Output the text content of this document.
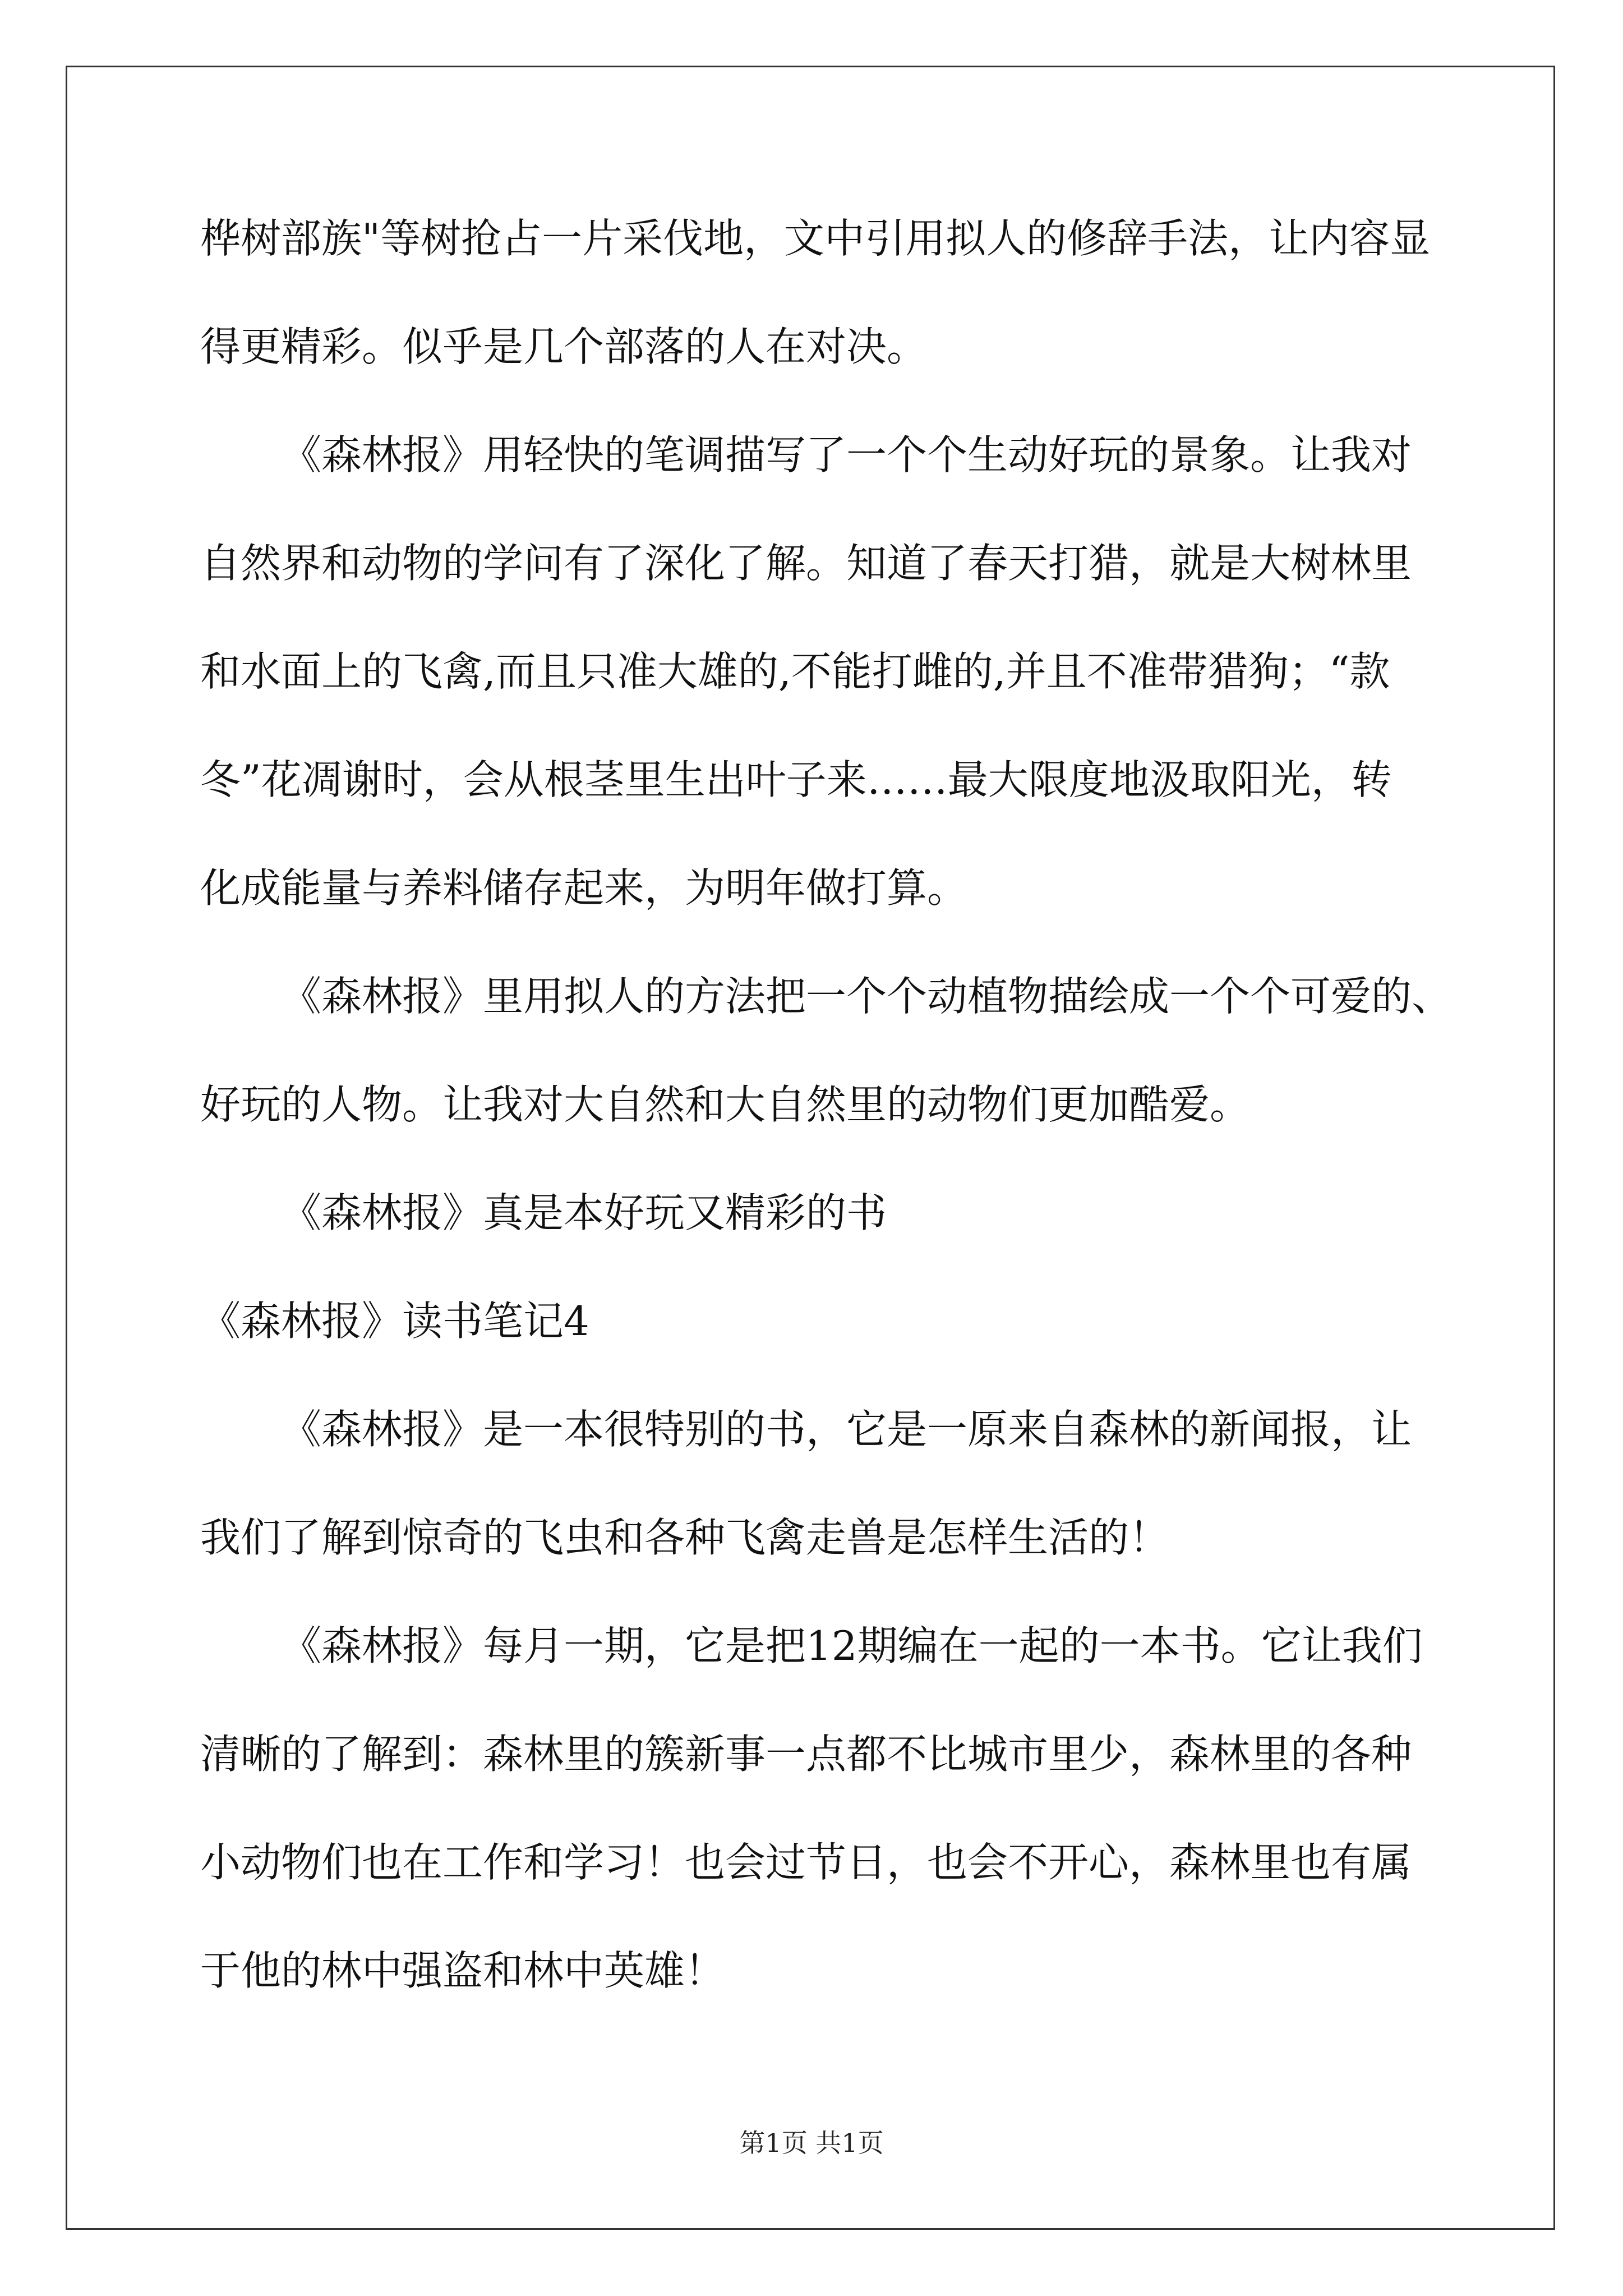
桦树部族"等树抢占一片采伐地，文中引用拟人的修辞手法，让内容显
得更精彩。似乎是几个部落的人在对决。
《森林报》用轻快的笔调描写了一个个生动好玩的景象。让我对
自然界和动物的学问有了深化了解。知道了春天打猎，就是大树林里
和水面上的飞禽,而且只准大雄的,不能打雌的,并且不准带猎狗；“款
冬”花凋谢时，会从根茎里生出叶子来……最大限度地汲取阳光，转
化成能量与养料储存起来，为明年做打算。
《森林报》里用拟人的方法把一个个动植物描绘成一个个可爱的、
好玩的人物。让我对大自然和大自然里的动物们更加酷爱。
《森林报》真是本好玩又精彩的书
《森林报》读书笔记4
《森林报》是一本很特别的书，它是一原来自森林的新闻报，让
我们了解到惊奇的飞虫和各种飞禽走兽是怎样生活的！
《森林报》每月一期，它是把12期编在一起的一本书。它让我们
清晰的了解到：森林里的簇新事一点都不比城市里少，森林里的各种
小动物们也在工作和学习！也会过节日，也会不开心，森林里也有属
于他的林中强盗和林中英雄！
第1页 共1页
